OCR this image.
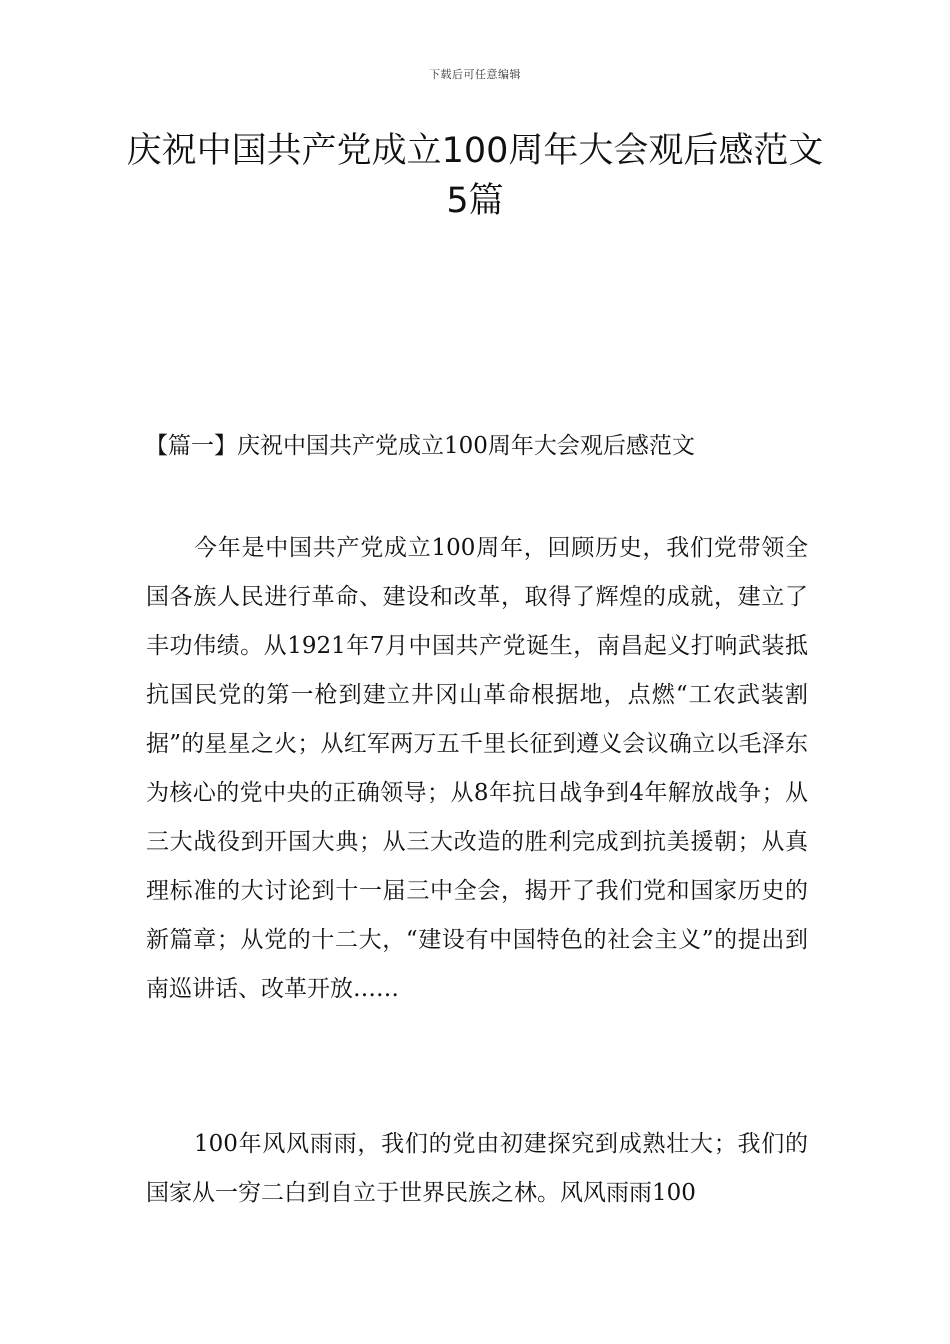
下载后可任意编辑
庆祝中国共产党成立100周年大会观后感范文5篇
【篇一】庆祝中国共产党成立100周年大会观后感范文

今年是中国共产党成立100周年，回顾历史，我们党带领全国各族人民进行革命、建设和改革，取得了辉煌的成就，建立了丰功伟绩。从1921年7月中国共产党诞生，南昌起义打响武装抵抗国民党的第一枪到建立井冈山革命根据地，点燃“工农武装割据”的星星之火；从红军两万五千里长征到遵义会议确立以毛泽东为核心的党中央的正确领导；从8年抗日战争到4年解放战争；从三大战役到开国大典；从三大改造的胜利完成到抗美援朝；从真理标准的大讨论到十一届三中全会，揭开了我们党和国家历史的新篇章；从党的十二大，“建设有中国特色的社会主义”的提出到南巡讲话、改革开放……

100年风风雨雨，我们的党由初建探究到成熟壮大；我们的国家从一穷二白到自立于世界民族之林。风风雨雨100
